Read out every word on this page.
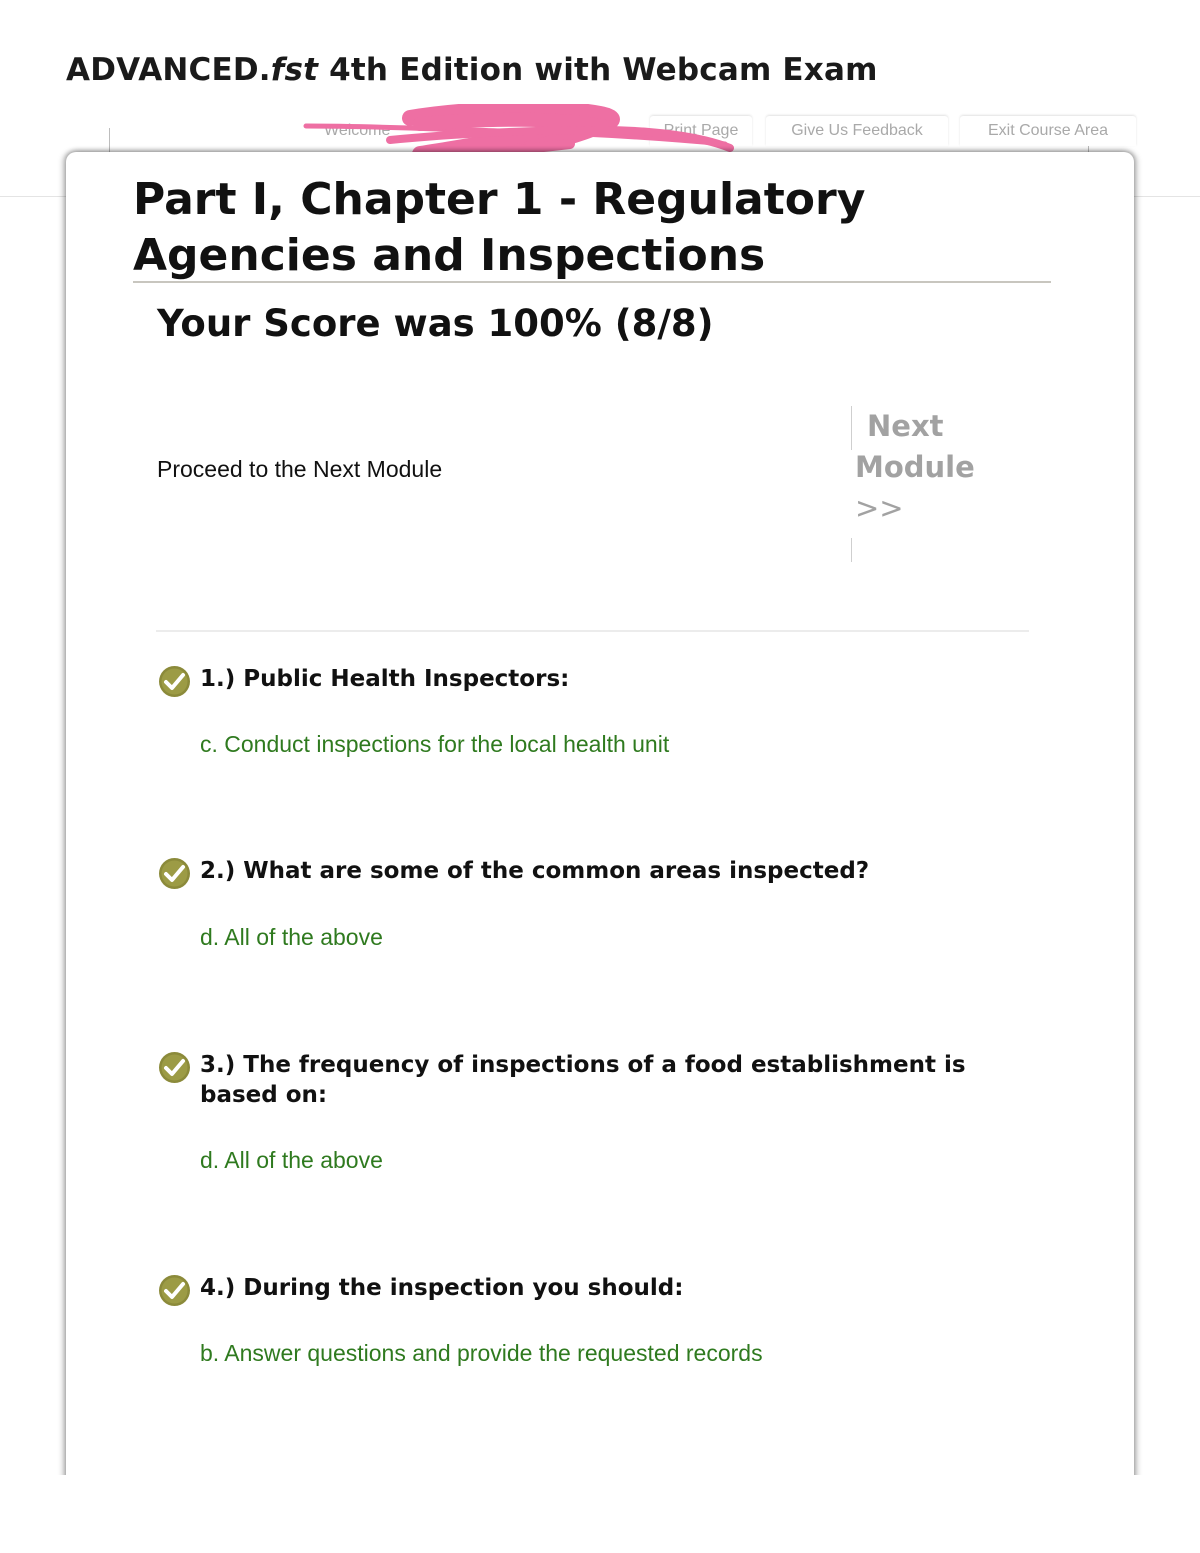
ADVANCED.fst 4th Edition with Webcam Exam
Welcome	Print Page	Give Us Feedback	Exit Course Area
Part I, Chapter 1 - Regulatory Agencies and Inspections
Your Score was 100% (8/8)
Proceed to the Next Module
Next
Module
>>
1.) Public Health Inspectors:
c. Conduct inspections for the local health unit
2.) What are some of the common areas inspected?
d. All of the above
3.) The frequency of inspections of a food establishment is based on:
d. All of the above
4.) During the inspection you should:
b. Answer questions and provide the requested records
